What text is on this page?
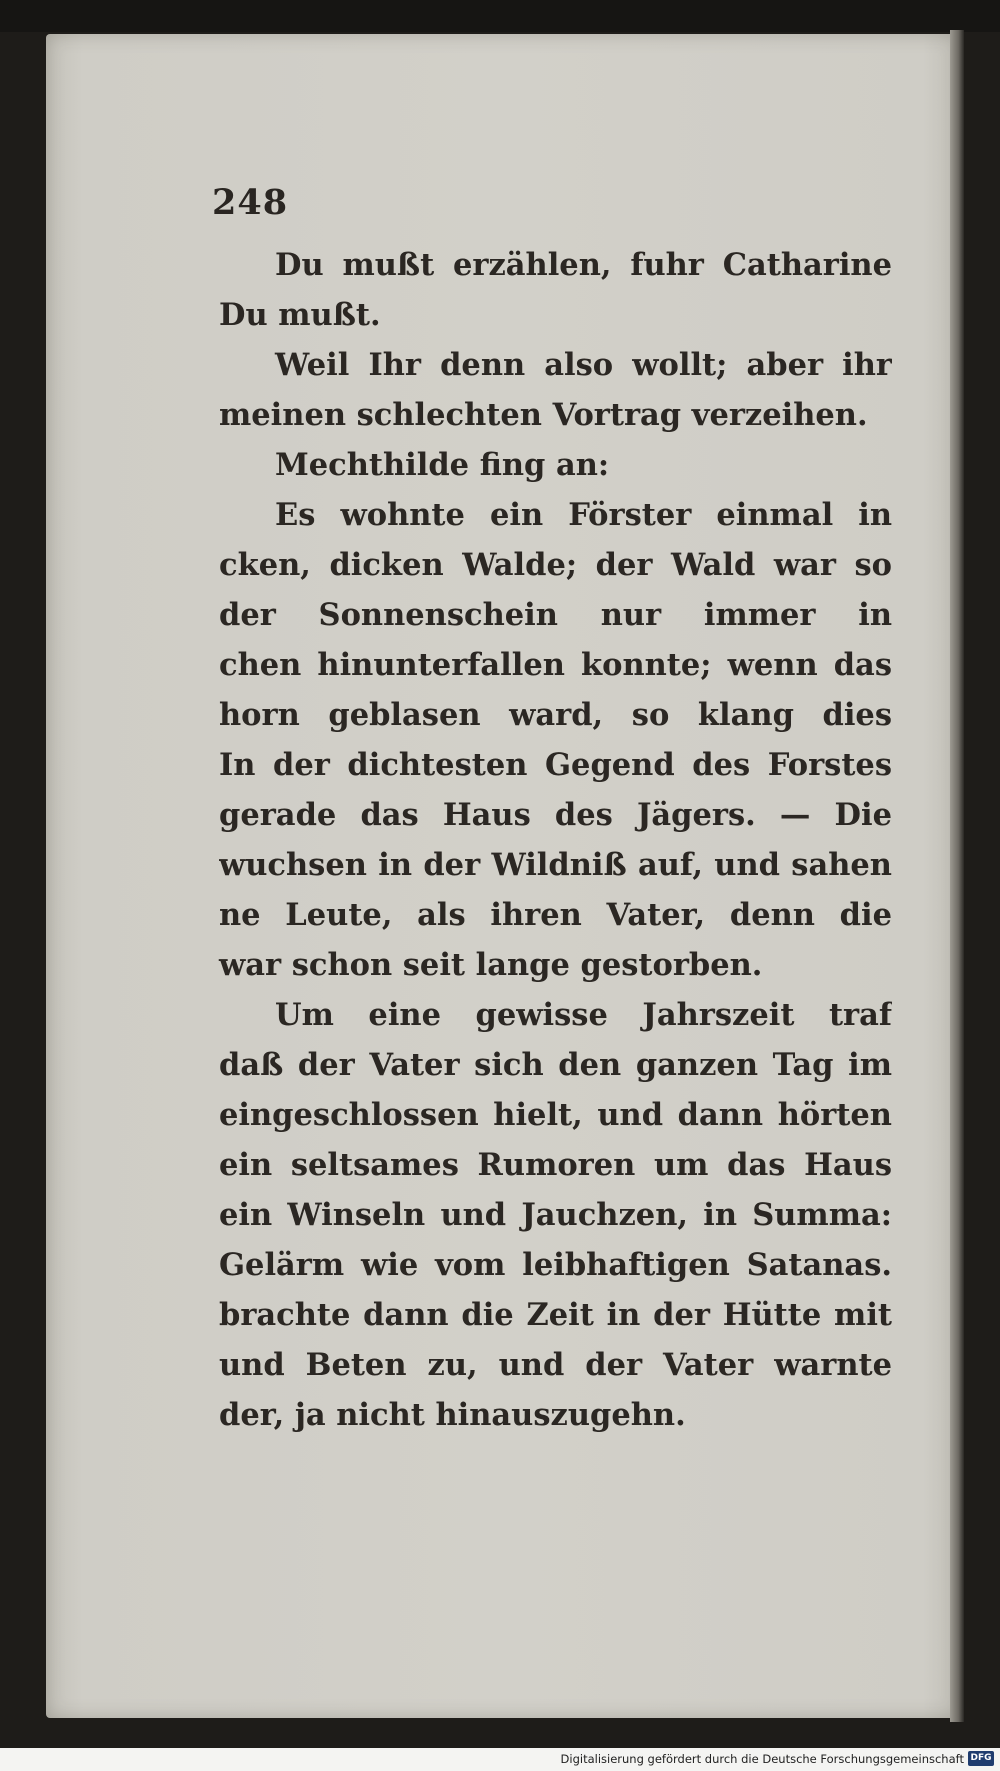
248
Du mußt erzählen, fuhr Catharine
Du mußt.
Weil Ihr denn also wollt; aber ihr
meinen schlechten Vortrag verzeihen.
Mechthilde fing an:
Es wohnte ein Förster einmal in
cken, dicken Walde; der Wald war so
der Sonnenschein nur immer in
chen hinunterfallen konnte; wenn das
horn geblasen ward, so klang dies
In der dichtesten Gegend des Forstes
gerade das Haus des Jägers. — Die
wuchsen in der Wildniß auf, und sahen
ne Leute, als ihren Vater, denn die
war schon seit lange gestorben.
Um eine gewisse Jahrszeit traf
daß der Vater sich den ganzen Tag im
eingeschlossen hielt, und dann hörten
ein seltsames Rumoren um das Haus
ein Winseln und Jauchzen, in Summa:
Gelärm wie vom leibhaftigen Satanas.
brachte dann die Zeit in der Hütte mit
und Beten zu, und der Vater warnte
der, ja nicht hinauszugehn.
Digitalisierung gefördert durch die Deutsche Forschungsgemeinschaft DFG
